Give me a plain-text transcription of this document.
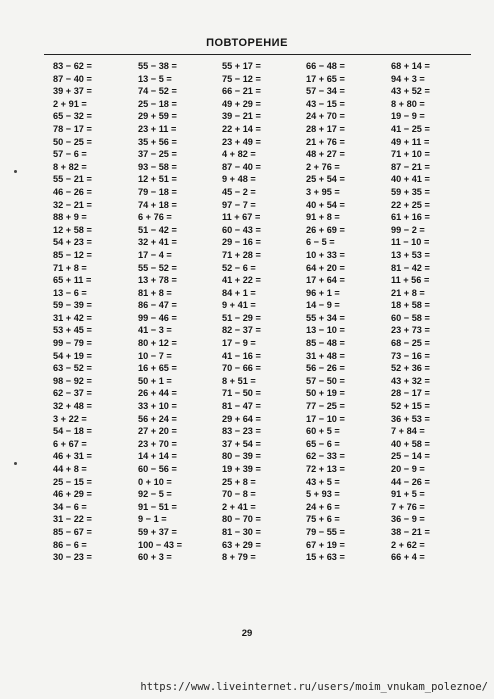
ПОВТОРЕНИЕ
83 − 62 =
87 − 40 =
39 + 37 =
2 + 91 =
65 − 32 =
78 − 17 =
50 − 25 =
57 − 6 =
8 + 82 =
55 − 21 =
46 − 26 =
32 − 21 =
88 + 9 =
12 + 58 =
54 + 23 =
85 − 12 =
71 + 8 =
65 + 11 =
13 − 6 =
59 − 39 =
31 + 42 =
53 + 45 =
99 − 79 =
54 + 19 =
63 − 52 =
98 − 92 =
62 − 37 =
32 + 48 =
3 + 22 =
54 − 18 =
6 + 67 =
46 + 31 =
44 + 8 =
25 − 15 =
46 + 29 =
34 − 6 =
31 − 22 =
85 − 67 =
86 − 6 =
30 − 23 =
55 − 38 =
13 − 5 =
74 − 52 =
25 − 18 =
29 + 59 =
23 + 11 =
35 + 56 =
37 − 25 =
93 − 58 =
12 + 51 =
79 − 18 =
74 + 18 =
6 + 76 =
51 − 42 =
32 + 41 =
17 − 4 =
55 − 52 =
13 + 78 =
81 + 8 =
86 − 47 =
99 − 46 =
41 − 3 =
80 + 12 =
10 − 7 =
16 + 65 =
50 + 1 =
26 + 44 =
33 + 10 =
56 + 24 =
27 + 20 =
23 + 70 =
14 + 14 =
60 − 56 =
0 + 10 =
92 − 5 =
91 − 51 =
9 − 1 =
59 + 37 =
100 − 43 =
60 + 3 =
55 + 17 =
75 − 12 =
66 − 21 =
49 + 29 =
39 − 21 =
22 + 14 =
23 + 49 =
4 + 82 =
87 − 40 =
9 + 48 =
45 − 2 =
97 − 7 =
11 + 67 =
60 − 43 =
29 − 16 =
71 + 28 =
52 − 6 =
41 + 22 =
84 + 1 =
9 + 41 =
51 − 29 =
82 − 37 =
17 − 9 =
41 − 16 =
70 − 66 =
8 + 51 =
71 − 50 =
81 − 47 =
29 + 64 =
83 − 23 =
37 + 54 =
80 − 39 =
19 + 39 =
25 + 8 =
70 − 8 =
2 + 41 =
80 − 70 =
81 − 30 =
63 + 29 =
8 + 79 =
66 − 48 =
17 + 65 =
57 − 34 =
43 − 15 =
24 + 70 =
28 + 17 =
21 + 76 =
48 + 27 =
2 + 76 =
25 + 54 =
3 + 95 =
40 + 54 =
91 + 8 =
26 + 69 =
6 − 5 =
10 + 33 =
64 + 20 =
17 + 64 =
96 + 1 =
14 − 9 =
55 + 34 =
13 − 10 =
85 − 48 =
31 + 48 =
56 − 26 =
57 − 50 =
50 + 19 =
77 − 25 =
17 − 10 =
60 + 5 =
65 − 6 =
62 − 33 =
72 + 13 =
43 + 5 =
5 + 93 =
24 + 6 =
75 + 6 =
79 − 55 =
67 + 19 =
15 + 63 =
68 + 14 =
94 + 3 =
43 + 52 =
8 + 80 =
19 − 9 =
41 − 25 =
49 + 11 =
71 + 10 =
87 − 21 =
40 + 41 =
59 + 35 =
22 + 25 =
61 + 16 =
99 − 2 =
11 − 10 =
13 + 53 =
81 − 42 =
11 + 56 =
21 + 8 =
18 + 58 =
60 − 58 =
23 + 73 =
68 − 25 =
73 − 16 =
52 + 36 =
43 + 32 =
28 − 17 =
52 + 15 =
36 + 53 =
7 + 84 =
40 + 58 =
25 − 14 =
20 − 9 =
44 − 26 =
91 + 5 =
7 + 76 =
36 − 9 =
38 − 21 =
2 + 62 =
66 + 4 =
29
https://www.liveinternet.ru/users/moim_vnukam_poleznoe/
